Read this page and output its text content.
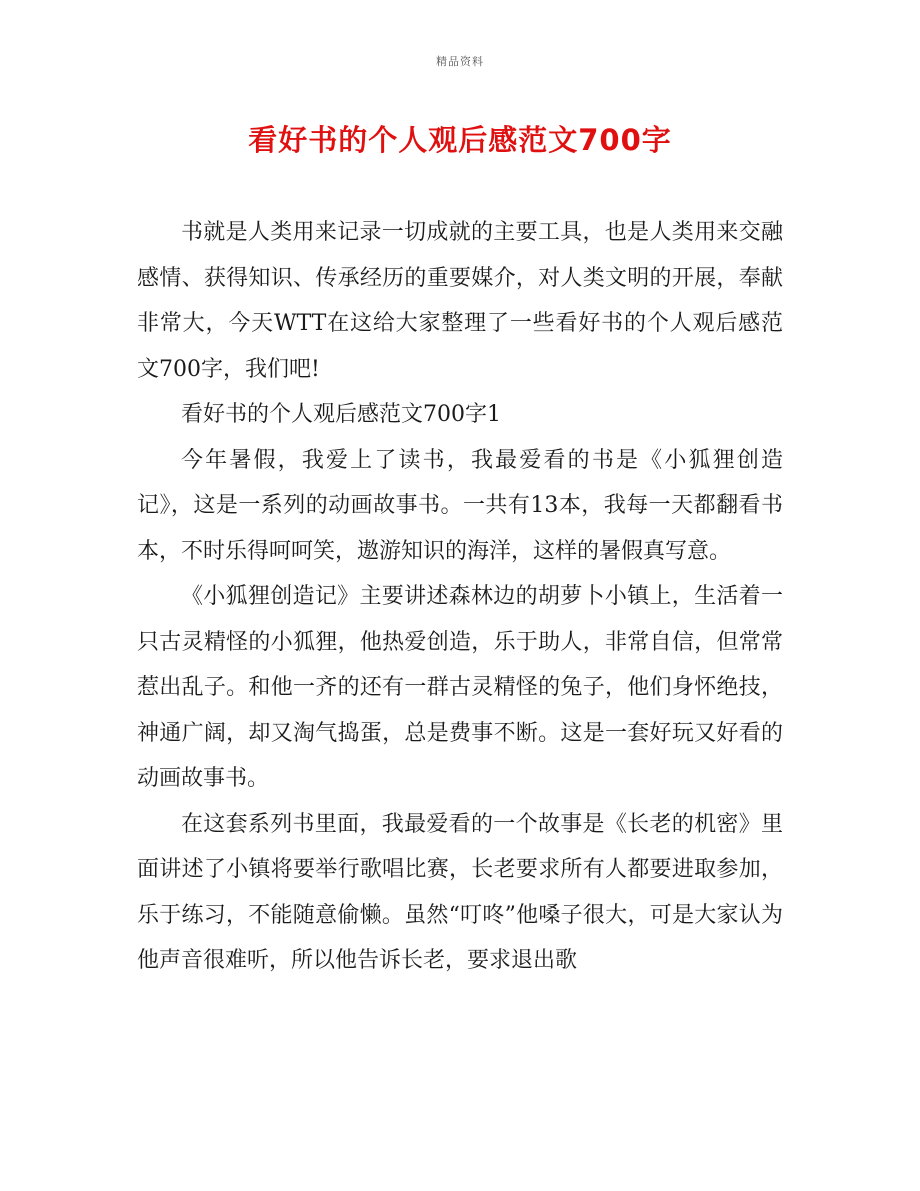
精品资料
看好书的个人观后感范文700字

书就是人类用来记录一切成就的主要工具，也是人类用来交融感情、获得知识、传承经历的重要媒介，对人类文明的开展，奉献非常大，今天WTT在这给大家整理了一些看好书的个人观后感范文700字，我们吧!

看好书的个人观后感范文700字1

今年暑假，我爱上了读书，我最爱看的书是《小狐狸创造记》，这是一系列的动画故事书。一共有13本，我每一天都翻看书本，不时乐得呵呵笑，遨游知识的海洋，这样的暑假真写意。

《小狐狸创造记》主要讲述森林边的胡萝卜小镇上，生活着一只古灵精怪的小狐狸，他热爱创造，乐于助人，非常自信，但常常惹出乱子。和他一齐的还有一群古灵精怪的兔子，他们身怀绝技，神通广阔，却又淘气捣蛋，总是费事不断。这是一套好玩又好看的动画故事书。

在这套系列书里面，我最爱看的一个故事是《长老的机密》里面讲述了小镇将要举行歌唱比赛，长老要求所有人都要进取参加，乐于练习，不能随意偷懒。虽然“叮咚”他嗓子很大，可是大家认为他声音很难听，所以他告诉长老，要求退出歌
